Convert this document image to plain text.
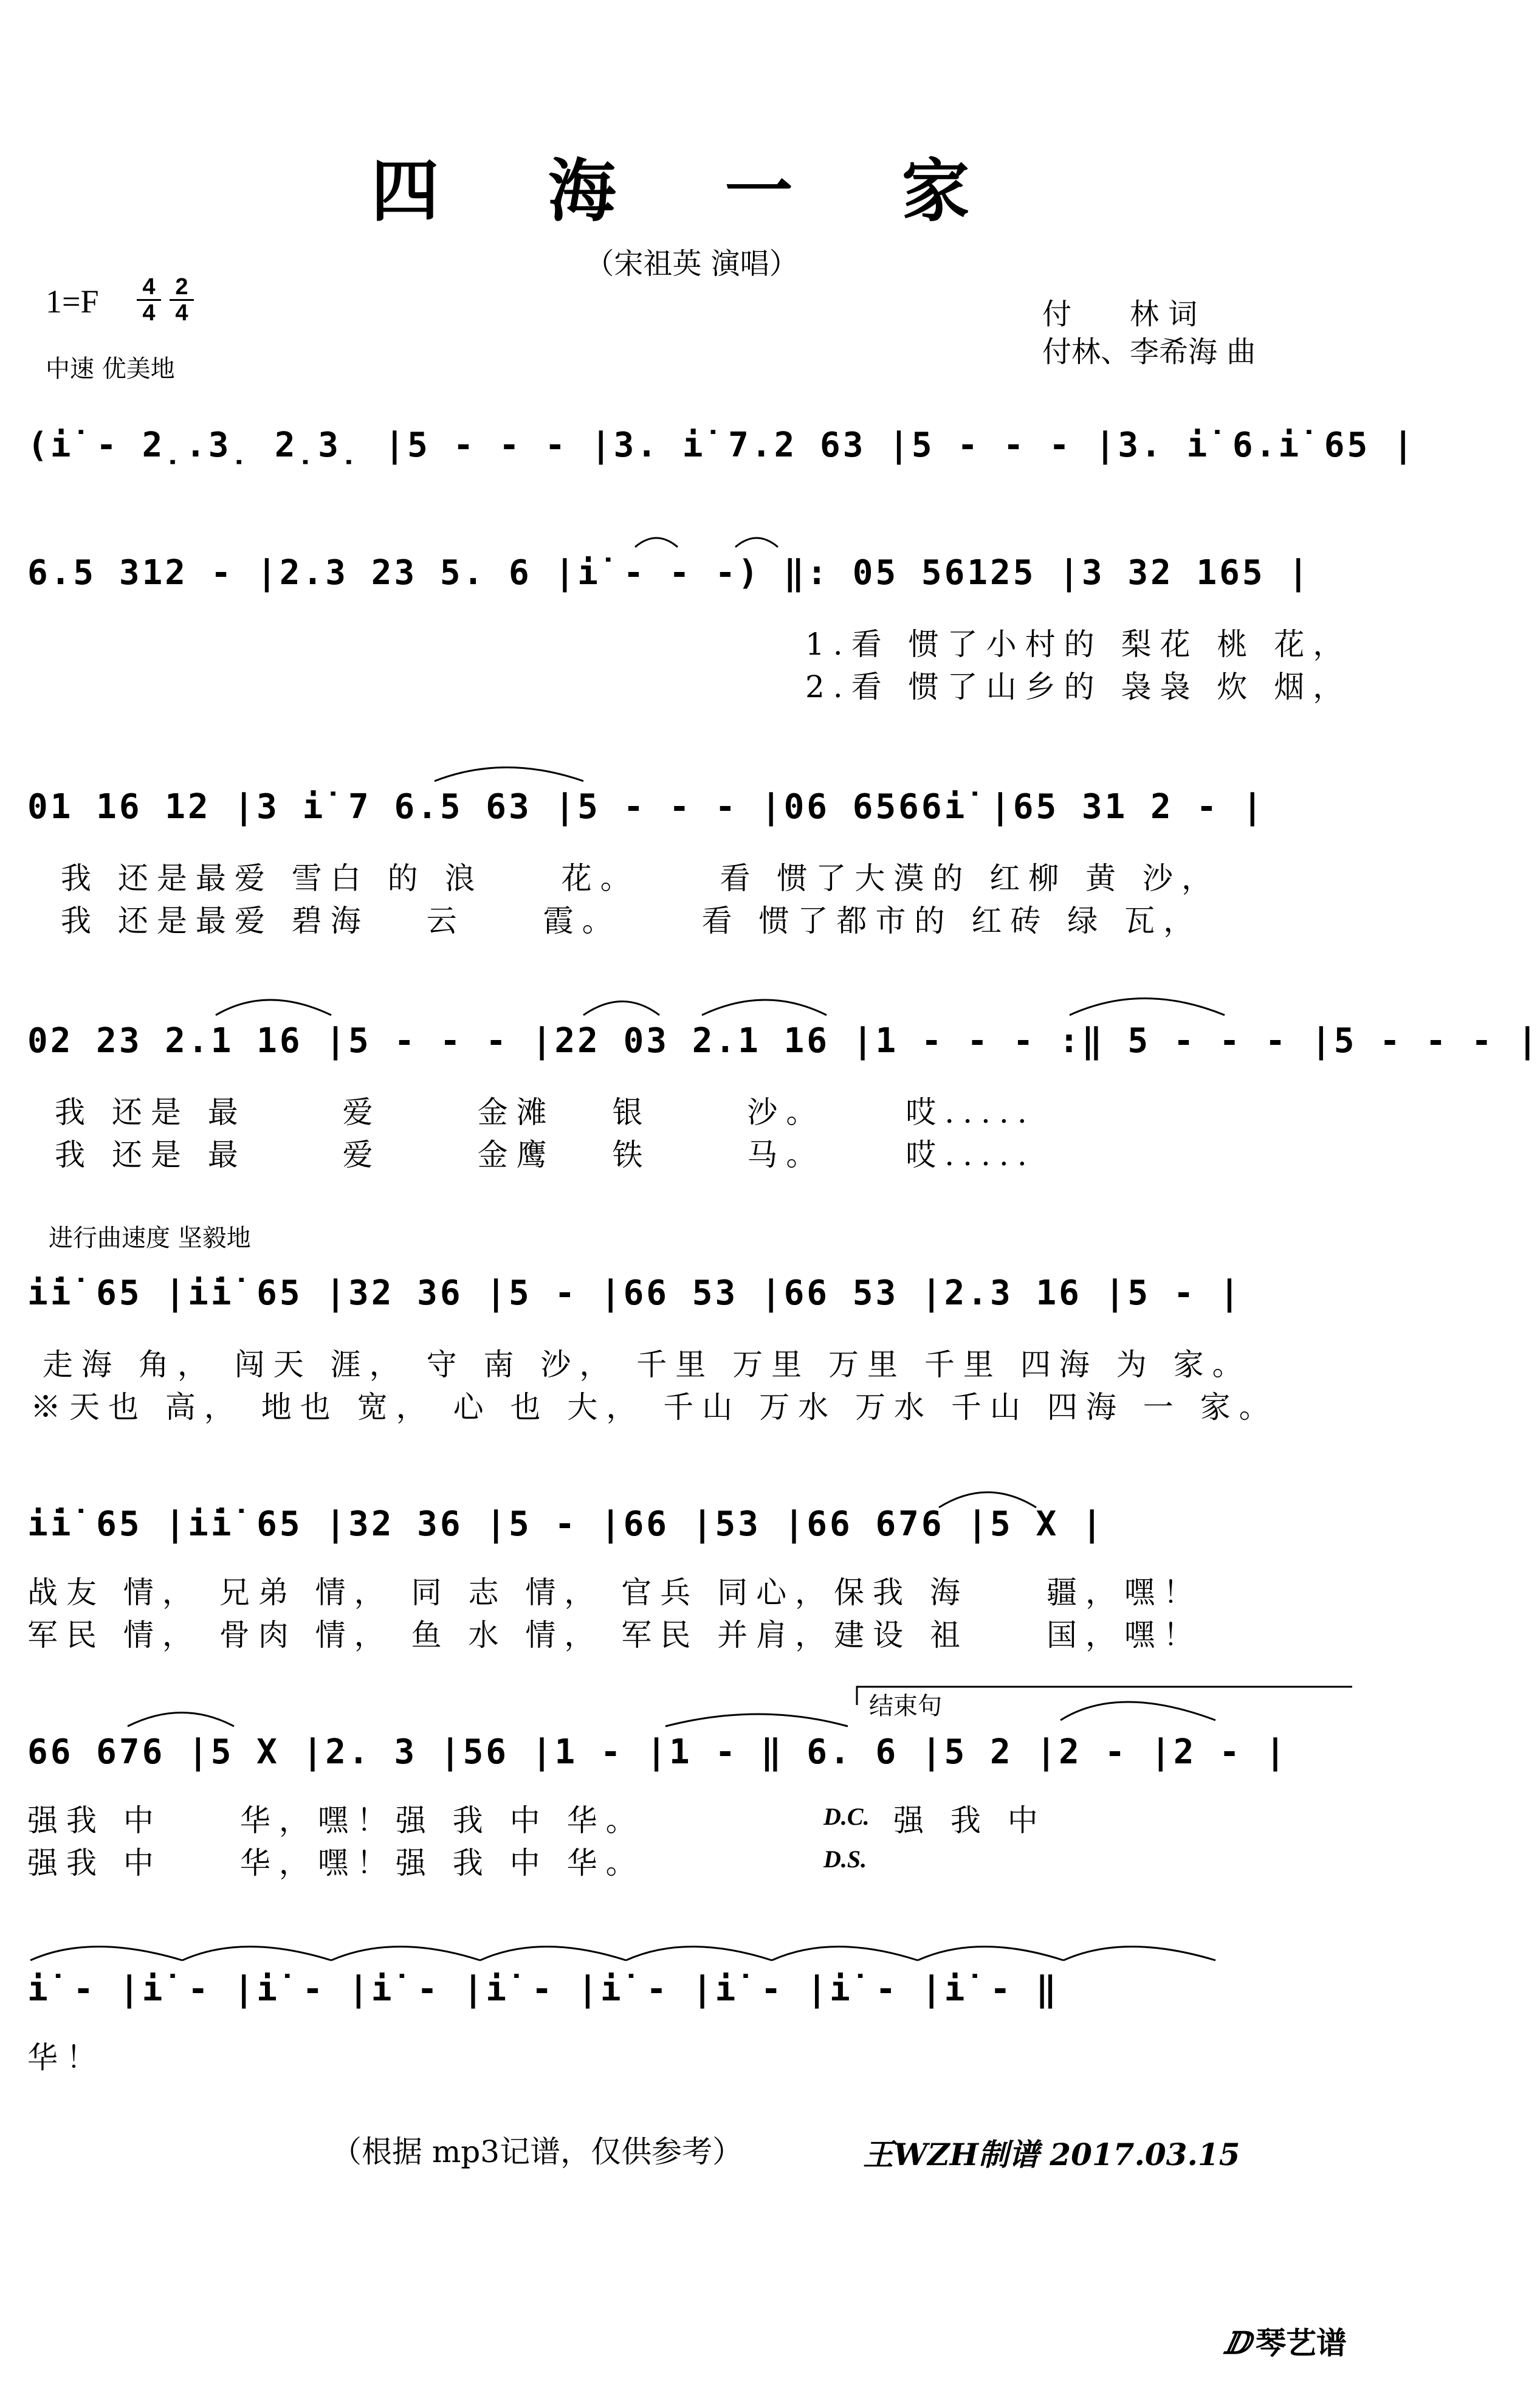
四 海 一 家
（宋祖英 演唱）
$1=F \frac{4}{4} \frac{2}{4}$
中速 优美地
付　　林 词
付林、李希海 曲
(i̇ - 2̣.3̣ 2̣3̣ |5 - - - |3. i̇ 7.2 63 |5 - - - |3. i̇ 6.i̇ 65 |
6.5 312 - |2.3 23 5. 6 |i̇ - - -) ‖: 05 56125 |3 32 165 |
1.看 惯了小村的 梨花 桃 花，
2.看 惯了山乡的 袅袅 炊 烟，
01 16 12 |3 i̇ 7 6.5 63 |5 - - - |06 6566i̇ |65 31 2 - |
我 还是最爱 雪白 的 浪　　花。　　 看 惯了大漠的 红柳 黄 沙，
我 还是最爱 碧海　 云　　霞。　　 看 惯了都市的 红砖 绿 瓦，
02 23 2.1 16 |5 - - - |22 03 2.1 16 |1 - - - :‖ 5 - - - |5 - - - |
我 还是 最　　 爱　　 金滩　 银　　 沙。　　 哎.....
我 还是 最　　 爱　　 金鹰　 铁　　 马。　　 哎.....
进行曲速度 坚毅地
i̇i̇ 65 |i̇i̇ 65 |32 36 |5 - |66 53 |66 53 |2.3 16 |5 - |
走海 角， 闯天 涯， 守 南 沙， 千里 万里 万里 千里 四海 为 家。
※天也 高， 地也 宽， 心 也 大， 千山 万水 万水 千山 四海 一 家。
i̇i̇ 65 |i̇i̇ 65 |32 36 |5 - |66 |53 |66 676 |5 X |
战友 情， 兄弟 情， 同 志 情， 官兵 同心，保我 海　　疆，嘿！
军民 情， 骨肉 情， 鱼 水 情， 军民 并肩，建设 祖　　国，嘿！
结束句
66 676 |5 X |2. 3 |56 |1 - |1 - ‖ 6. 6 |5 2 |2 - |2 - |
强我 中　　华，嘿！强 我 中 华。
强我 中　　华，嘿！强 我 中 华。
D.C. 强 我 中
D.S.
i̇ - |i̇ - |i̇ - |i̇ - |i̇ - |i̇ - |i̇ - |i̇ - |i̇ - ‖
华！
（根据 mp3记谱，仅供参考）	王WZH制谱 2017.03.15
ⅅ 琴艺谱
